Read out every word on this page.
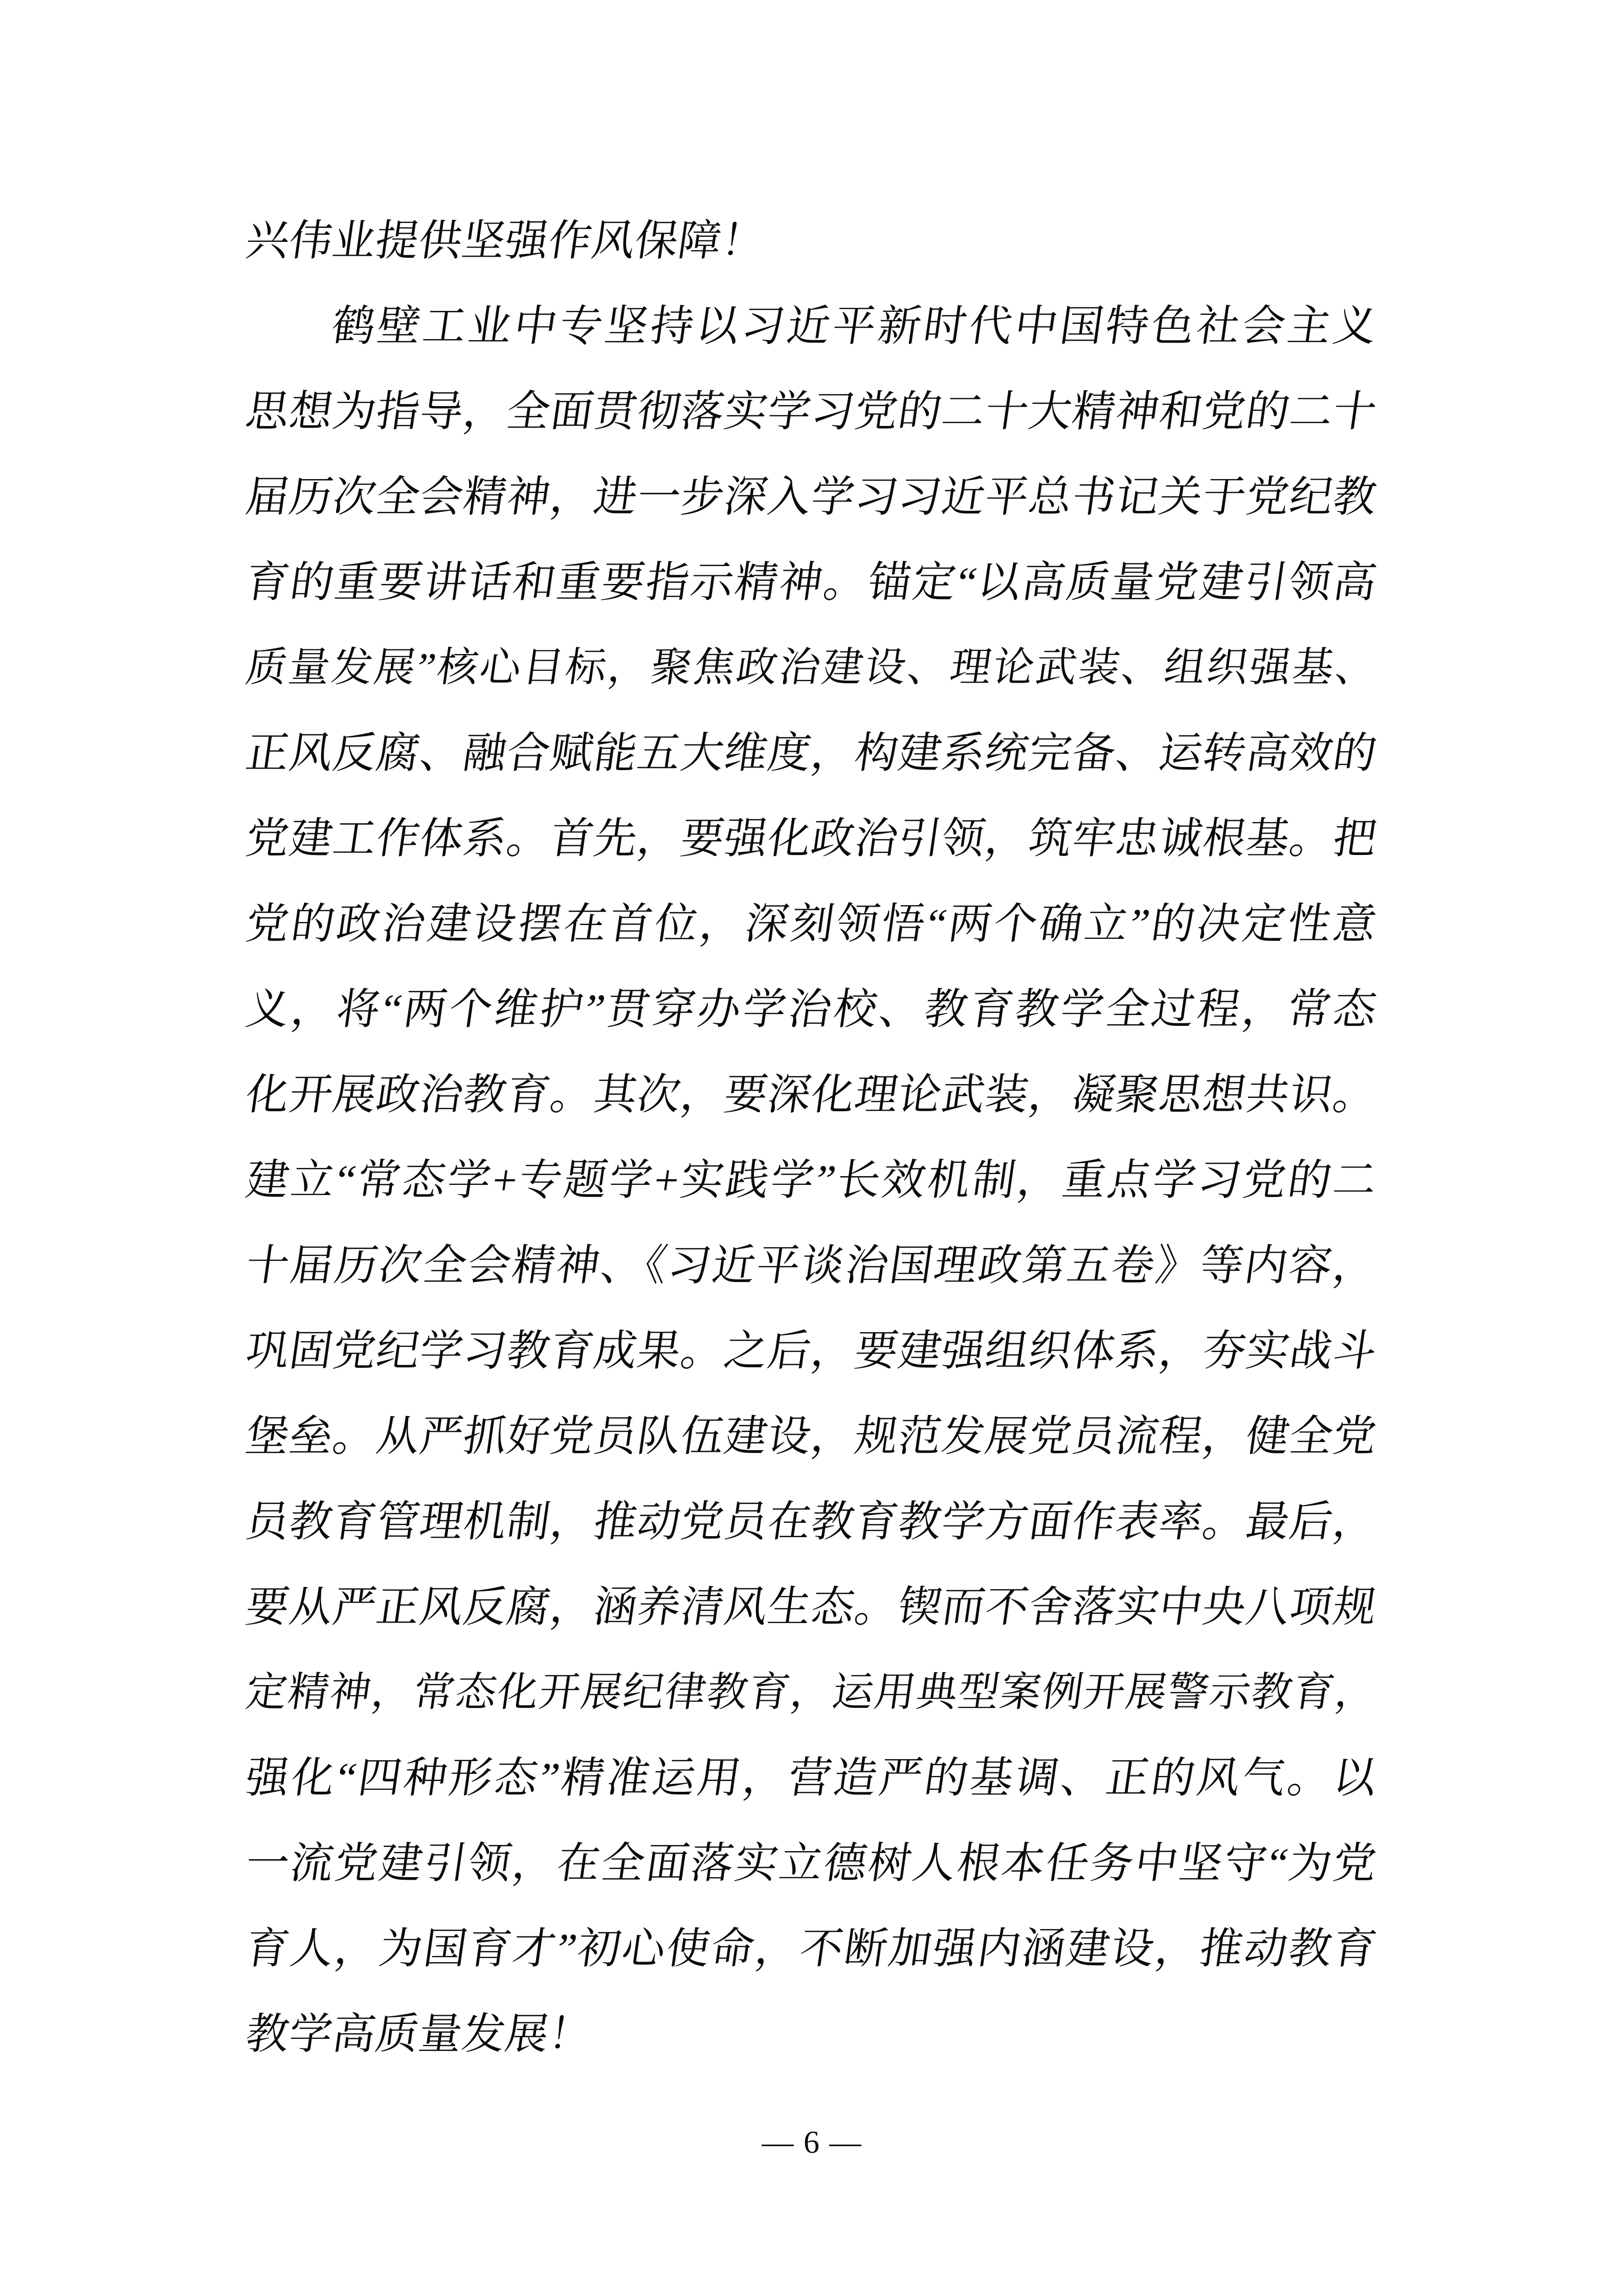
兴伟业提供坚强作风保障！
鹤壁工业中专坚持以习近平新时代中国特色社会主义
思想为指导，全面贯彻落实学习党的二十大精神和党的二十
届历次全会精神，进一步深入学习习近平总书记关于党纪教
育的重要讲话和重要指示精神。锚定“以高质量党建引领高
质量发展”核心目标，聚焦政治建设、理论武装、组织强基、
正风反腐、融合赋能五大维度，构建系统完备、运转高效的
党建工作体系。首先，要强化政治引领，筑牢忠诚根基。把
党的政治建设摆在首位，深刻领悟“两个确立”的决定性意
义，将“两个维护”贯穿办学治校、教育教学全过程，常态
化开展政治教育。其次，要深化理论武装，凝聚思想共识。
建立“常态学+专题学+实践学”长效机制，重点学习党的二
十届历次全会精神、《习近平谈治国理政第五卷》等内容，
巩固党纪学习教育成果。之后，要建强组织体系，夯实战斗
堡垒。从严抓好党员队伍建设，规范发展党员流程，健全党
员教育管理机制，推动党员在教育教学方面作表率。最后，
要从严正风反腐，涵养清风生态。锲而不舍落实中央八项规
定精神，常态化开展纪律教育，运用典型案例开展警示教育，
强化“四种形态”精准运用，营造严的基调、正的风气。以
一流党建引领，在全面落实立德树人根本任务中坚守“为党
育人，为国育才”初心使命，不断加强内涵建设，推动教育
教学高质量发展！
— 6 —
